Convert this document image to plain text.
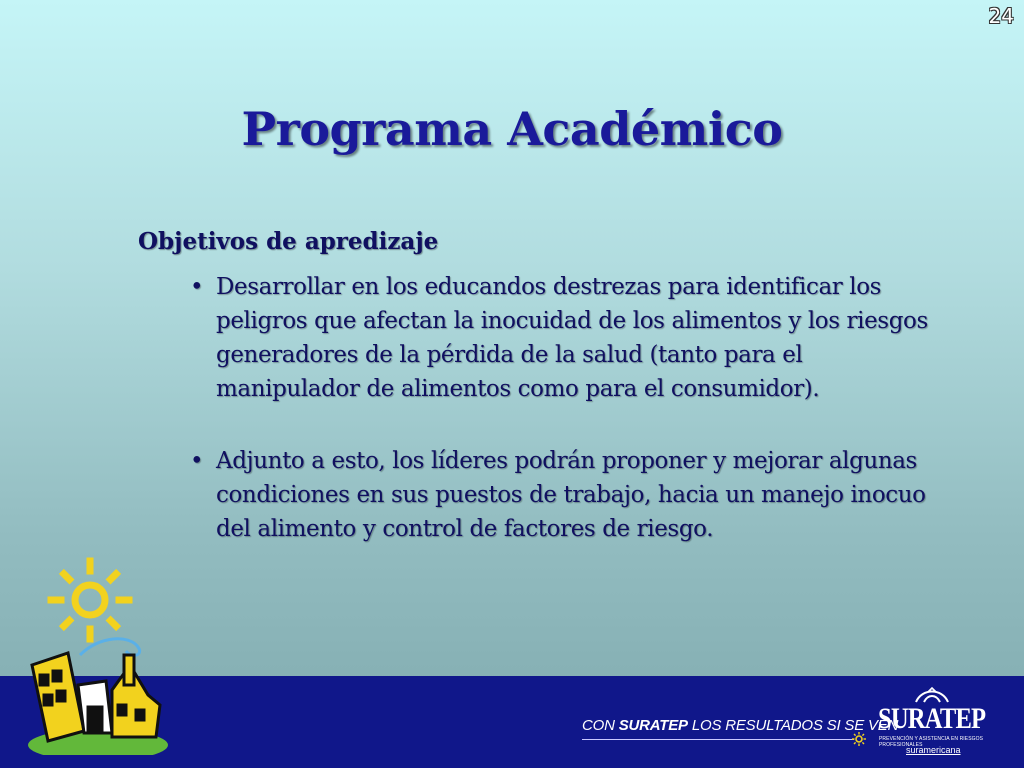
24
Programa Académico
Objetivos de apredizaje
• Desarrollar en los educandos destrezas para identificar los peligros que afectan la inocuidad de los alimentos y los riesgos generadores de la pérdida de la salud (tanto para el manipulador de alimentos como para el consumidor).
• Adjunto a esto, los líderes podrán proponer y mejorar algunas condiciones en sus puestos de trabajo, hacia un manejo inocuo del alimento y control de factores de riesgo.
CON SURATEP LOS RESULTADOS SI SE VEN
SURATEP
PREVENCIÓN Y ASISTENCIA EN RIESGOS PROFESIONALES
suramericana
